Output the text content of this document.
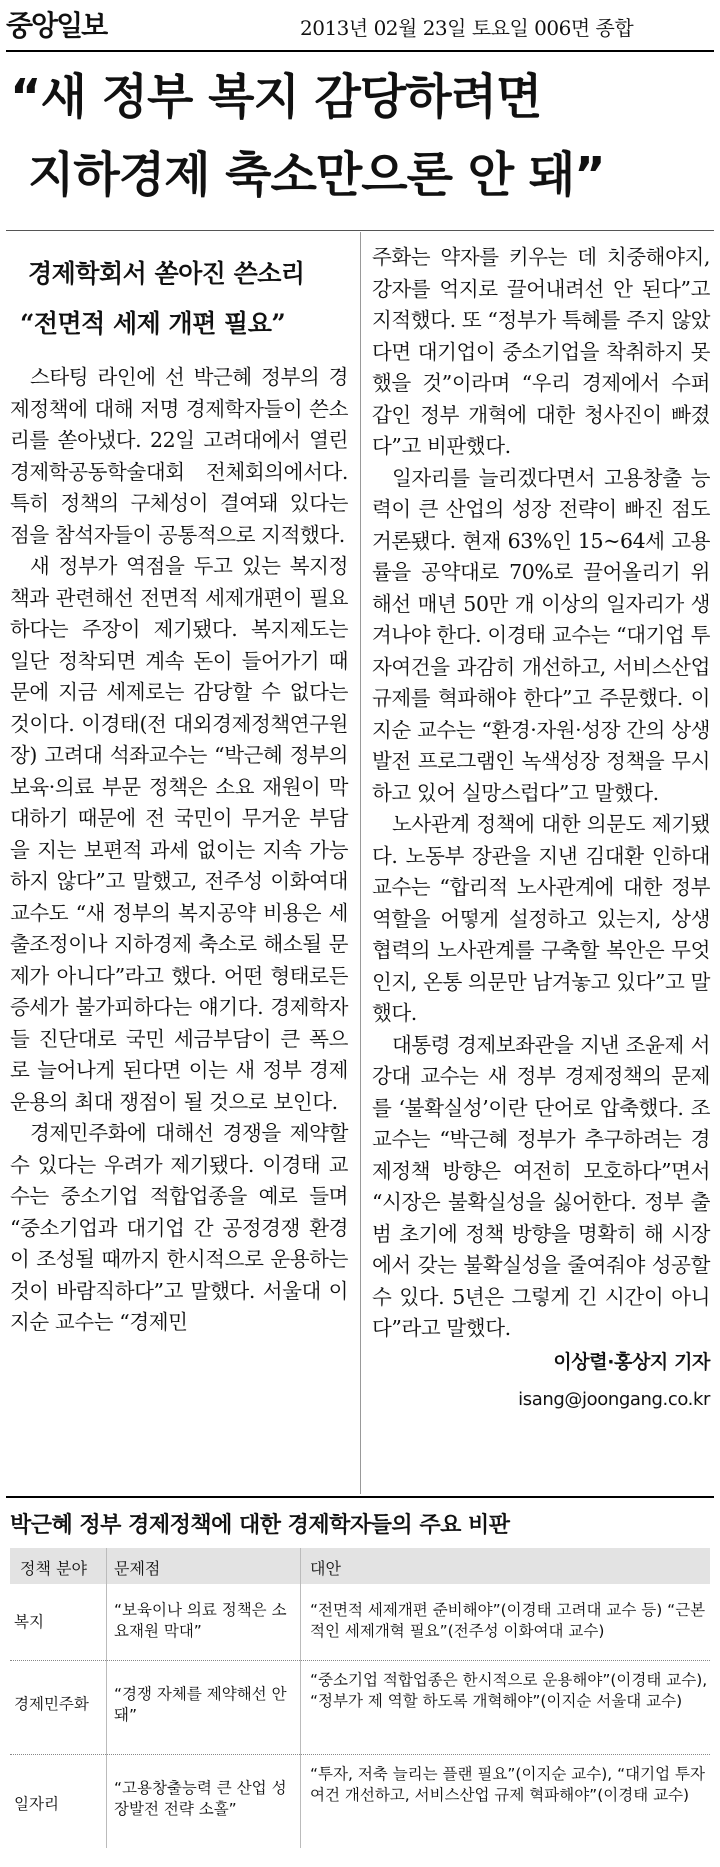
중앙일보	2013년 02월 23일 토요일 006면 종합
“새 정부 복지 감당하려면
지하경제 축소만으론 안 돼”
경제학회서 쏟아진 쓴소리
“전면적 세제 개편 필요”

스타팅 라인에 선 박근혜 정부의 경제정책에 대해 저명 경제학자들이 쓴소리를 쏟아냈다. 22일 고려대에서 열린 경제학공동학술대회 전체회의에서다. 특히 정책의 구체성이 결여돼 있다는 점을 참석자들이 공통적으로 지적했다.

새 정부가 역점을 두고 있는 복지정책과 관련해선 전면적 세제개편이 필요하다는 주장이 제기됐다. 복지제도는 일단 정착되면 계속 돈이 들어가기 때문에 지금 세제로는 감당할 수 없다는 것이다. 이경태(전 대외경제정책연구원장) 고려대 석좌교수는 “박근혜 정부의 보육·의료 부문 정책은 소요 재원이 막대하기 때문에 전 국민이 무거운 부담을 지는 보편적 과세 없이는 지속 가능하지 않다”고 말했고, 전주성 이화여대 교수도 “새 정부의 복지공약 비용은 세출조정이나 지하경제 축소로 해소될 문제가 아니다”라고 했다. 어떤 형태로든 증세가 불가피하다는 얘기다. 경제학자들 진단대로 국민 세금부담이 큰 폭으로 늘어나게 된다면 이는 새 정부 경제운용의 최대 쟁점이 될 것으로 보인다.

경제민주화에 대해선 경쟁을 제약할 수 있다는 우려가 제기됐다. 이경태 교수는 중소기업 적합업종을 예로 들며 “중소기업과 대기업 간 공정경쟁 환경이 조성될 때까지 한시적으로 운용하는 것이 바람직하다”고 말했다. 서울대 이지순 교수는 “경제민

주화는 약자를 키우는 데 치중해야지, 강자를 억지로 끌어내려선 안 된다”고 지적했다. 또 “정부가 특혜를 주지 않았다면 대기업이 중소기업을 착취하지 못했을 것”이라며 “우리 경제에서 수퍼 갑인 정부 개혁에 대한 청사진이 빠졌다”고 비판했다.

일자리를 늘리겠다면서 고용창출 능력이 큰 산업의 성장 전략이 빠진 점도 거론됐다. 현재 63%인 15~64세 고용률을 공약대로 70%로 끌어올리기 위해선 매년 50만 개 이상의 일자리가 생겨나야 한다. 이경태 교수는 “대기업 투자여건을 과감히 개선하고, 서비스산업 규제를 혁파해야 한다”고 주문했다. 이지순 교수는 “환경·자원·성장 간의 상생발전 프로그램인 녹색성장 정책을 무시하고 있어 실망스럽다”고 말했다.

노사관계 정책에 대한 의문도 제기됐다. 노동부 장관을 지낸 김대환 인하대 교수는 “합리적 노사관계에 대한 정부 역할을 어떻게 설정하고 있는지, 상생협력의 노사관계를 구축할 복안은 무엇인지, 온통 의문만 남겨놓고 있다”고 말했다.

대통령 경제보좌관을 지낸 조윤제 서강대 교수는 새 정부 경제정책의 문제를 ‘불확실성’이란 단어로 압축했다. 조 교수는 “박근혜 정부가 추구하려는 경제정책 방향은 여전히 모호하다”면서 “시장은 불확실성을 싫어한다. 정부 출범 초기에 정책 방향을 명확히 해 시장에서 갖는 불확실성을 줄여줘야 성공할 수 있다. 5년은 그렇게 긴 시간이 아니다”라고 말했다.

이상렬·홍상지 기자
isang@joongang.co.kr
박근혜 정부 경제정책에 대한 경제학자들의 주요 비판
정책 분야 문제점	대안
복지
“보육이나 의료 정책은 소요재원 막대”
“전면적 세제개편 준비해야”(이경태 고려대 교수 등) “근본적인 세제개혁 필요”(전주성 이화여대 교수)
경제민주화
“경쟁 자체를 제약해선 안 돼”
“중소기업 적합업종은 한시적으로 운용해야”(이경태 교수), “정부가 제 역할 하도록 개혁해야”(이지순 서울대 교수)
일자리
“고용창출능력 큰 산업 성장발전 전략 소홀”
“투자, 저축 늘리는 플랜 필요”(이지순 교수), “대기업 투자여건 개선하고, 서비스산업 규제 혁파해야”(이경태 교수)
